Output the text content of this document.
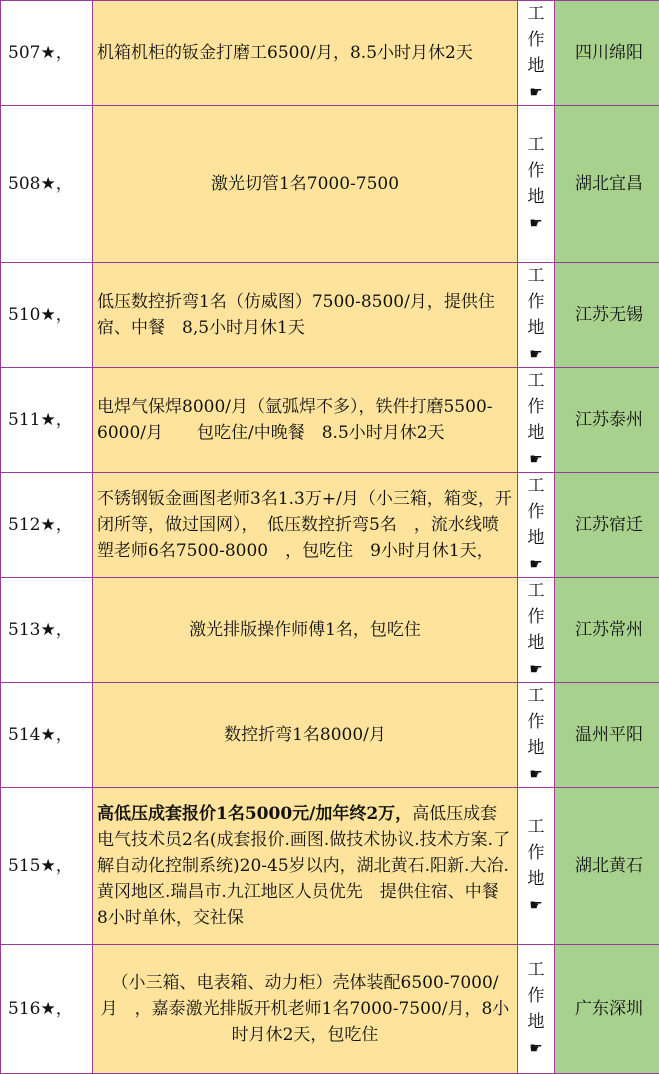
507★，	机箱机柜的钣金打磨工6500/月，8.5小时月休2天	工
作
地
☛	四川绵阳
508★，	激光切管1名7000-7500	工
作
地
☛	湖北宜昌
510★，	低压数控折弯1名（仿威图）7500-8500/月，提供住宿、中餐　8,5小时月休1天	工
作
地
☛	江苏无锡
511★，	电焊气保焊8000/月（氩弧焊不多），铁件打磨5500-6000/月　　包吃住/中晚餐　8.5小时月休2天	工
作
地
☛	江苏泰州
512★，	不锈钢钣金画图老师3名1.3万+/月（小三箱，箱变，开闭所等，做过国网），　低压数控折弯5名　，流水线喷塑老师6名7500-8000　，包吃住　9小时月休1天，	工
作
地
☛	江苏宿迁
513★，	激光排版操作师傅1名，包吃住	工
作
地
☛	江苏常州
514★，	数控折弯1名8000/月	工
作
地
☛	温州平阳
515★，	高低压成套报价1名5000元/加年终2万，高低压成套电气技术员2名(成套报价.画图.做技术协议.技术方案.了解自动化控制系统)20-45岁以内，湖北黄石.阳新.大冶.黄冈地区.瑞昌市.九江地区人员优先　提供住宿、中餐　8小时单休，交社保	工
作
地
☛	湖北黄石
516★，	（小三箱、电表箱、动力柜）壳体装配6500-7000/月　，嘉泰激光排版开机老师1名7000-7500/月，8小时月休2天，包吃住	工
作
地
☛	广东深圳
